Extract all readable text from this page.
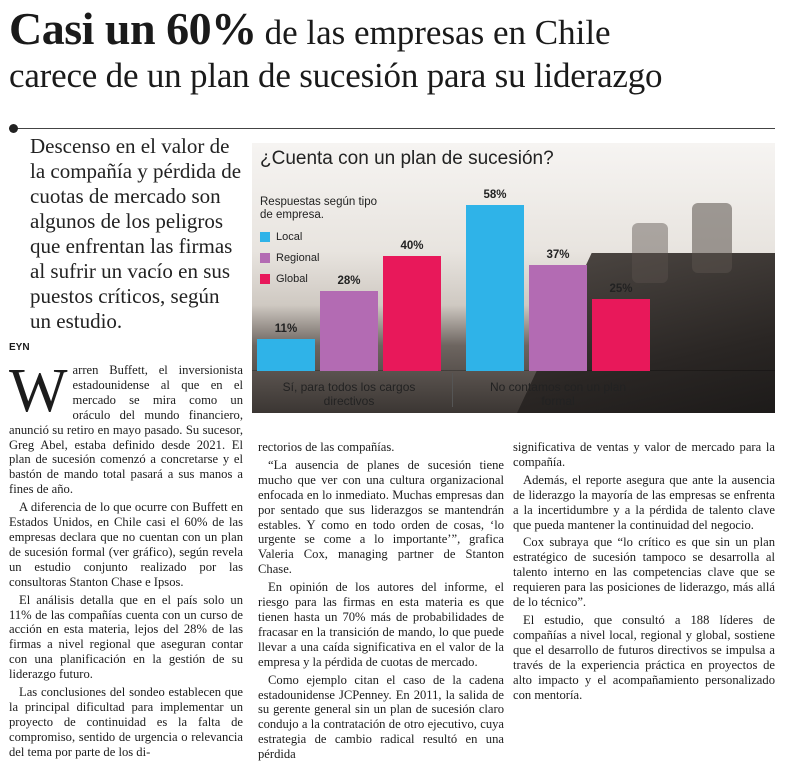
Casi un 60% de las empresas en Chile
carece de un plan de sucesión para su liderazgo
Descenso en el valor de la compañía y pérdida de cuotas de mercado son algunos de los peligros que enfrentan las firmas al sufrir un vacío en sus puestos críticos, según un estudio.
EYN
¿Cuenta con un plan de sucesión?
Respuestas según tipo de empresa.
Local
Regional
Global
11%
28%
40%
Sí, para todos los cargos directivos
58%
37%
25%
No contamos con un plan formal

Warren Buffett, el inversionista estadounidense al que en el mercado se mira como un oráculo del mundo financiero, anunció su retiro en mayo pasado. Su sucesor, Greg Abel, estaba definido desde 2021. El plan de sucesión comenzó a concretarse y el bastón de mando total pasará a sus manos a fines de año.

A diferencia de lo que ocurre con Buffett en Estados Unidos, en Chile casi el 60% de las empresas declara que no cuentan con un plan de sucesión formal (ver gráfico), según revela un estudio conjunto realizado por las consultoras Stanton Chase e Ipsos.

El análisis detalla que en el país solo un 11% de las compañías cuenta con un curso de acción en esta materia, lejos del 28% de las firmas a nivel regional que aseguran contar con una planificación en la gestión de su liderazgo futuro.

Las conclusiones del sondeo establecen que la principal dificultad para implementar un proyecto de continuidad es la falta de compromiso, sentido de urgencia o relevancia del tema por parte de los di-

rectorios de las compañías.

“La ausencia de planes de sucesión tiene mucho que ver con una cultura organizacional enfocada en lo inmediato. Muchas empresas dan por sentado que sus liderazgos se mantendrán estables. Y como en todo orden de cosas, ‘lo urgente se come a lo importante’”, grafica Valeria Cox, managing partner de Stanton Chase.

En opinión de los autores del informe, el riesgo para las firmas en esta materia es que tienen hasta un 70% más de probabilidades de fracasar en la transición de mando, lo que puede llevar a una caída significativa en el valor de la empresa y la pérdida de cuotas de mercado.

Como ejemplo citan el caso de la cadena estadounidense JCPenney. En 2011, la salida de su gerente general sin un plan de sucesión claro condujo a la contratación de otro ejecutivo, cuya estrategia de cambio radical resultó en una pérdida

significativa de ventas y valor de mercado para la compañía.

Además, el reporte asegura que ante la ausencia de liderazgo la mayoría de las empresas se enfrenta a la incertidumbre y a la pérdida de talento clave que pueda mantener la continuidad del negocio.

Cox subraya que “lo crítico es que sin un plan estratégico de sucesión tampoco se desarrolla al talento interno en las competencias clave que se requieren para las posiciones de liderazgo, más allá de lo técnico”.

El estudio, que consultó a 188 líderes de compañías a nivel local, regional y global, sostiene que el desarrollo de futuros directivos se impulsa a través de la experiencia práctica en proyectos de alto impacto y el acompañamiento personalizado con mentoría.
